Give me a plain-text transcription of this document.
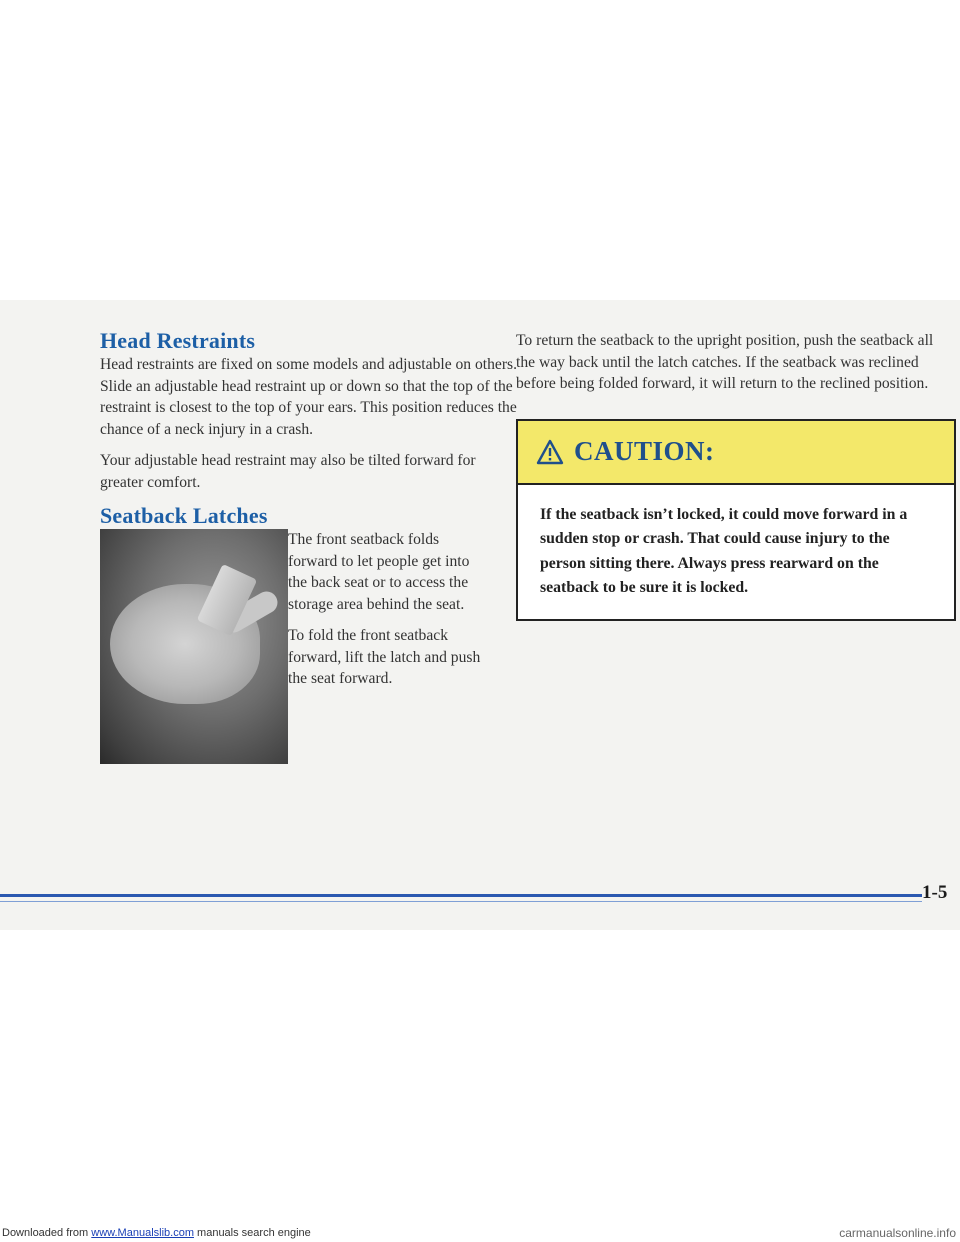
Head Restraints

Head restraints are fixed on some models and adjustable on others. Slide an adjustable head restraint up or down so that the top of the restraint is closest to the top of your ears. This position reduces the chance of a neck injury in a crash.

Your adjustable head restraint may also be tilted forward for greater comfort.

Seatback Latches

The front seatback folds forward to let people get into the back seat or to access the storage area behind the seat.

To fold the front seatback forward, lift the latch and push the seat forward.

To return the seatback to the upright position, push the seatback all the way back until the latch catches. If the seatback was reclined before being folded forward, it will return to the reclined position.

CAUTION:

If the seatback isn’t locked, it could move forward in a sudden stop or crash. That could cause injury to the person sitting there. Always press rearward on the seatback to be sure it is locked.

1-5
Downloaded from www.Manualslib.com manuals search engine	carmanualsonline.info
